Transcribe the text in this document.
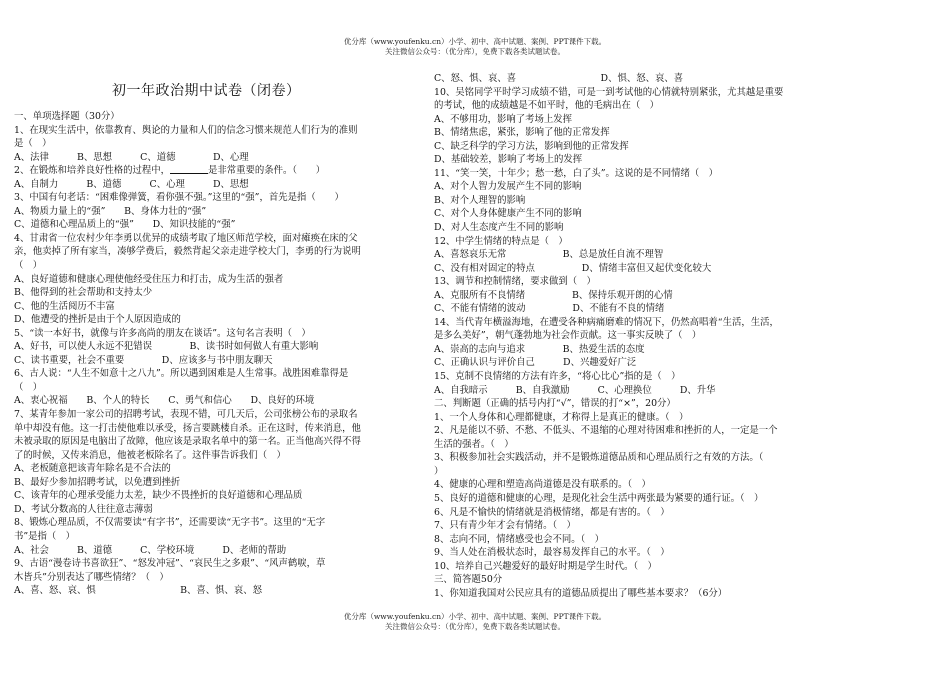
优分库（www.youfenku.cn）小学、初中、高中试题、案例、PPT课件下载。
关注微信公众号：（优分库），免费下载各类试题试卷。
初一年政治期中试卷（闭卷）
一、单项选择题（30分）
1、在现实生活中，依靠教育、舆论的力量和人们的信念习惯来规范人们行为的准则
是（　）
A、法律　　　B、思想　　　C、道德　　　　D、心理
2、在锻炼和培养良好性格的过程中，	是非常重要的条件。（　　）
A、自制力　　　B、道德　　　C、心理　　　D、思想
3、中国有句老话：“困难像弹簧，看你强不强。”这里的“强”，首先是指（　　）
A、物质力量上的“强”　　B、身体力壮的“强”
C、道德和心理品质上的“强”　　D、知识技能的“强”
4、甘肃省一位农村少年李勇以优异的成绩考取了地区师范学校，面对瘫痪在床的父
亲，他卖掉了所有家当，凑够学费后，毅然背起父亲走进学校大门，李勇的行为说明
（　）
A、良好道德和健康心理使他经受住压力和打击，成为生活的强者
B、他得到的社会帮助和支持太少
C、他的生活阅历不丰富
D、他遭受的挫折是由于个人原因造成的
5、“读一本好书，就像与许多高尚的朋友在谈话”。这句名言表明（　）
A、好书，可以使人永远不犯错误　　　　B、读书时如何做人有重大影响
C、读书重要，社会不重要　　　　D、应该多与书中朋友聊天
6、古人说：“人生不如意十之八九”。所以遇到困难是人生常事。战胜困难靠得是
（　）
A、衷心祝福　　B、个人的特长　　C、勇气和信心　　D、良好的环境
7、某青年参加一家公司的招聘考试，表现不错，可几天后，公司张榜公布的录取名
单中却没有他。这一打击使他难以承受，扬言要跳楼自杀。正在这时，传来消息，他
未被录取的原因是电脑出了故障，他应该是录取名单中的第一名。正当他高兴得不得
了的时候，又传来消息，他被老板除名了。这件事告诉我们（　）
A、老板随意把该青年除名是不合法的
B、最好少参加招聘考试，以免遭到挫折
C、该青年的心理承受能力太差，缺少不畏挫折的良好道德和心理品质
D、考试分数高的人往往意志薄弱
8、锻炼心理品质，不仅需要读“有字书”，还需要读“无字书”。这里的“无字
书”是指（　）
A、社会　　　B、道德　　　C、学校环境　　　D、老师的帮助
9、古语“漫卷诗书喜欲狂”、“怒发冲冠”、“哀民生之多艰”、“风声鹤唳，草
木皆兵”分别表达了哪些情绪？（　）
A、喜、怒、哀、惧　　　　　　　　　B、喜、惧、哀、怒
C、怒、惧、哀、喜　　　　　　　　　D、惧、怒、哀、喜
10、吴铭同学平时学习成绩不错，可是一到考试他的心情就特别紧张，尤其越是重要
的考试，他的成绩越是不如平时，他的毛病出在（　）
A、不够用功，影响了考场上发挥
B、情绪焦虑，紧张，影响了他的正常发挥
C、缺乏科学的学习方法，影响到他的正常发挥
D、基础较差，影响了考场上的发挥
11、“笑一笑，十年少；愁一愁，白了头”。这说的是不同情绪（　）
A、对个人智力发展产生不同的影响
B、对个人理智的影响
C、对个人身体健康产生不同的影响
D、对人生态度产生不同的影响
12、中学生情绪的特点是（　）
A、喜怒哀乐无常　　　　　　B、总是放任自流不理智
C、没有相对固定的特点　　　　　D、情绪丰富但又起伏变化较大
13、调节和控制情绪，要求做到（　）
A、克服所有不良情绪　　　　　B、保持乐观开朗的心情
C、不能有情绪的波动　　　　　D、不能有不良的情绪
14、当代青年横溢海地，在遭受各种病痛磨难的情况下，仍然高唱着“生活，生活，
是多么美好”，朝气蓬勃地为社会作贡献。这一事实反映了（　）
A、崇高的志向与追求　　　　B、热爱生活的态度
C、正确认识与评价自己　　　D、兴趣爱好广泛
15、克制不良情绪的方法有许多，“将心比心”指的是（　）
A、自我暗示　　　B、自我激励　　　C、心理换位　　　D、升华
二、判断题（正确的括号内打“√”，错误的打“×”，20分）
1、一个人身体和心理都健康，才称得上是真正的健康。（　）
2、凡是能以不骄、不愁、不低头、不退缩的心理对待困难和挫折的人，一定是一个
生活的强者。（　）
3、积极参加社会实践活动，并不是锻炼道德品质和心理品质行之有效的方法。（
）
4、健康的心理和塑造高尚道德是没有联系的。（　）
5、良好的道德和健康的心理，是现化社会生活中两张最为紧要的通行证。（　）
6、凡是不愉快的情绪就是消极情绪，都是有害的。（　）
7、只有青少年才会有情绪。（　）
8、志向不同，情绪感受也会不同。（　）
9、当人处在消极状态时，最容易发挥自己的水平。（　）
10、培养自己兴趣爱好的最好时期是学生时代。（　）
三、简答题50分
1、你知道我国对公民应具有的道德品质提出了哪些基本要求？（6分）
优分库（www.youfenku.cn）小学、初中、高中试题、案例、PPT课件下载。
关注微信公众号：（优分库），免费下载各类试题试卷。
